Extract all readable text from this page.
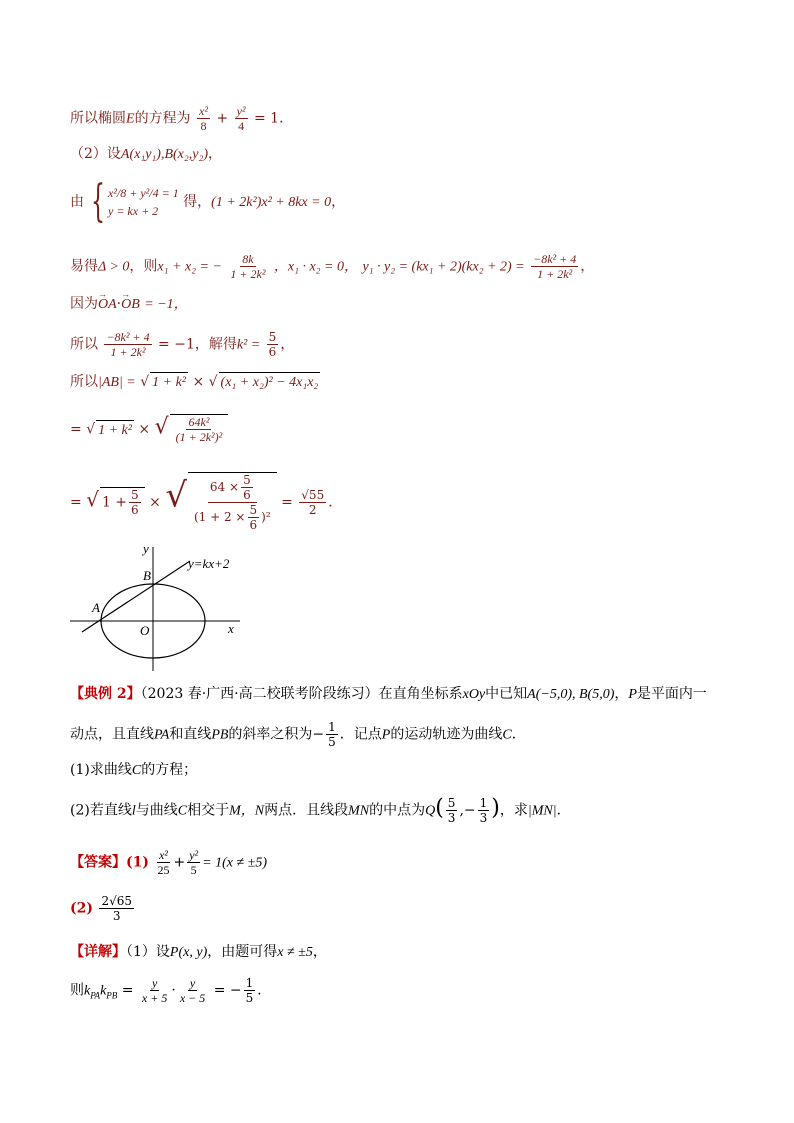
所以椭圆E的方程为 $\frac{\text{x²}}{8} + \frac{\text{y²}}{4} = 1$．
（2）设A(x₁y₁),B(x₂,y₂)，
由 { x²/8 + y²/4 = 1
y = kx + 2
得，(1 + 2k²)x² + 8kx = 0，
易得Δ > 0，则x₁ + x₂ = − $\frac{8k}{\text{1 + 2k²}}$ ，x₁ · x₂ = 0， $y_1 \cdot y_2 = (kx_1 + 2)(kx_2 + 2) = \frac{\text{−8k² + 4}}{\text{1 + 2k²}}$ ，
因为→ OA·→ OB = −1，
所以 $\frac{\text{−8k² + 4}}{\text{1 + 2k²}} = -1$，解得$k^2 = \frac{5}{6}$ ，
所以|AB| = √ 1 + k² × √ (x₁ + x₂)² − 4x₁x₂
= √ 1 + k² × √ $\frac{\text{64k²}}{\text{(1 + 2k²)²}}$
= √ $1 + \frac{5}{6}$ × √ $\frac{64 \times \frac{5}{6}}{(1 + 2 \times \frac{5}{6} )^2} = \frac{√55}{2}$ ．
y
x
O
A
B
y=kx+2
【典例 2】（2023 春·广西·高二校联考阶段练习）在直角坐标系xOy中已知A(−5,0), B(5,0)，P是平面内一
动点，且直线PA和直线PB的斜率之积为− $\frac{1}{5}$ ．记点P的运动轨迹为曲线C．
(1)求曲线C的方程；
(2)若直线l与曲线C相交于M，N两点．且线段MN的中点为$Q( \frac{5}{3}$ ,− $\frac{1}{3}$ )，求|MN|．
【答案】$(1) \frac{\text{x²}}{25} + \frac{\text{y²}}{5} = 1(x \ne \pm 5)$
$(2) \frac{2√65}{3}$
【详解】（1）设P(x, y)，由题可得x ≠ ±5，
则$k_{PA}k_{PB} = \frac{y}{x + 5} \cdot \frac{y}{x - 5}$ = − $\frac{1}{5}$ ．
